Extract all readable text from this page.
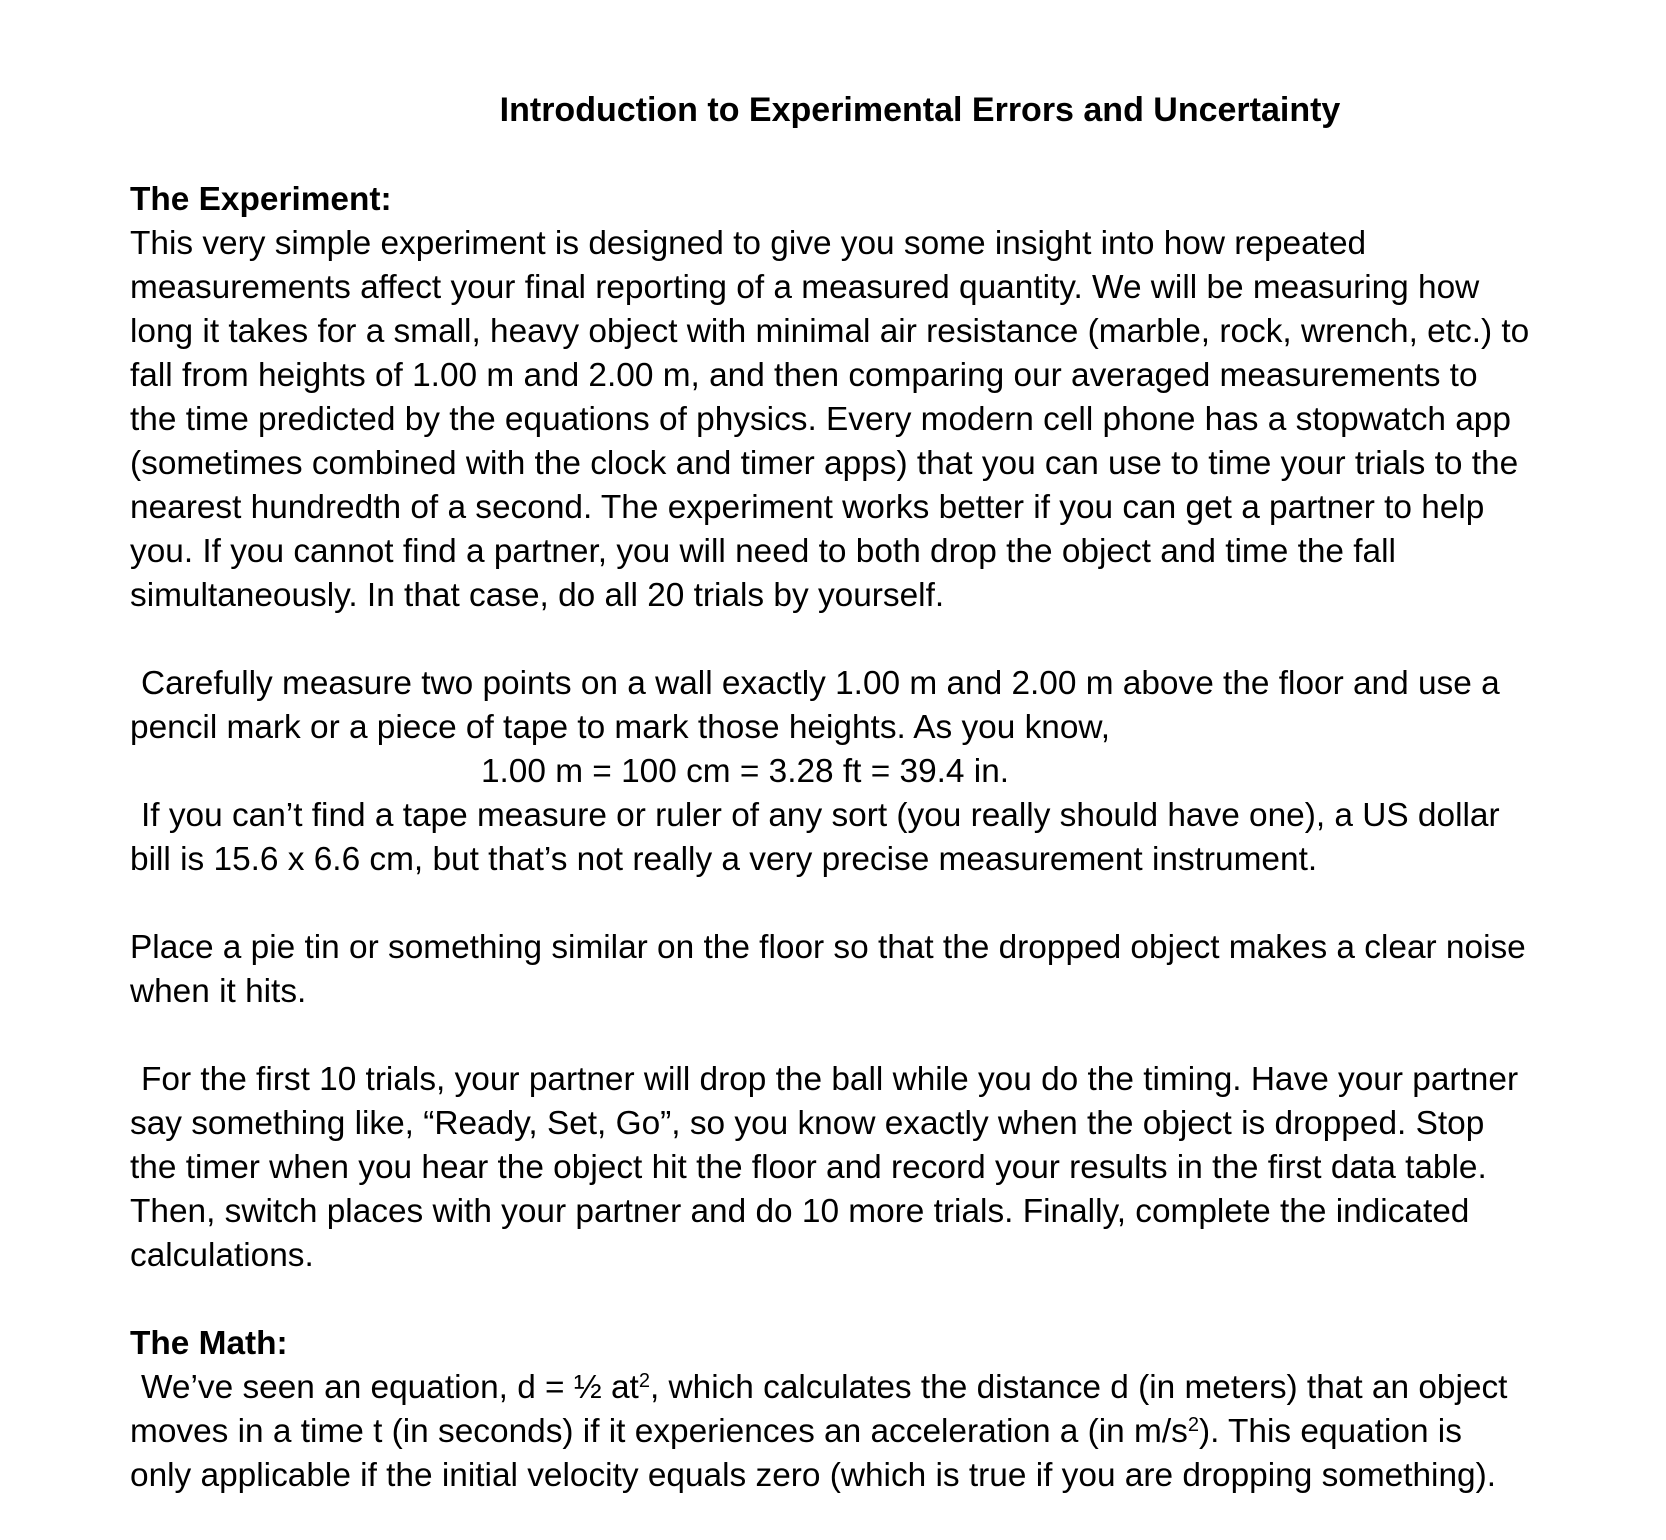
Introduction to Experimental Errors and Uncertainty

The Experiment:

This very simple experiment is designed to give you some insight into how repeated
measurements affect your final reporting of a measured quantity. We will be measuring how
long it takes for a small, heavy object with minimal air resistance (marble, rock, wrench, etc.) to
fall from heights of 1.00 m and 2.00 m, and then comparing our averaged measurements to
the time predicted by the equations of physics. Every modern cell phone has a stopwatch app
(sometimes combined with the clock and timer apps) that you can use to time your trials to the
nearest hundredth of a second. The experiment works better if you can get a partner to help
you. If you cannot find a partner, you will need to both drop the object and time the fall
simultaneously. In that case, do all 20 trials by yourself.

Carefully measure two points on a wall exactly 1.00 m and 2.00 m above the floor and use a
pencil mark or a piece of tape to mark those heights. As you know,

1.00 m = 100 cm = 3.28 ft = 39.4 in.

If you can’t find a tape measure or ruler of any sort (you really should have one), a US dollar
bill is 15.6 x 6.6 cm, but that’s not really a very precise measurement instrument.

Place a pie tin or something similar on the floor so that the dropped object makes a clear noise
when it hits.

For the first 10 trials, your partner will drop the ball while you do the timing. Have your partner
say something like, “Ready, Set, Go”, so you know exactly when the object is dropped. Stop
the timer when you hear the object hit the floor and record your results in the first data table.
Then, switch places with your partner and do 10 more trials. Finally, complete the indicated
calculations.

The Math:

We’ve seen an equation, d = ½ $at^2$, which calculates the distance d (in meters) that an object
moves in a time t (in seconds) if it experiences an acceleration a (in $m/s^2$). This equation is
only applicable if the initial velocity equals zero (which is true if you are dropping something).
